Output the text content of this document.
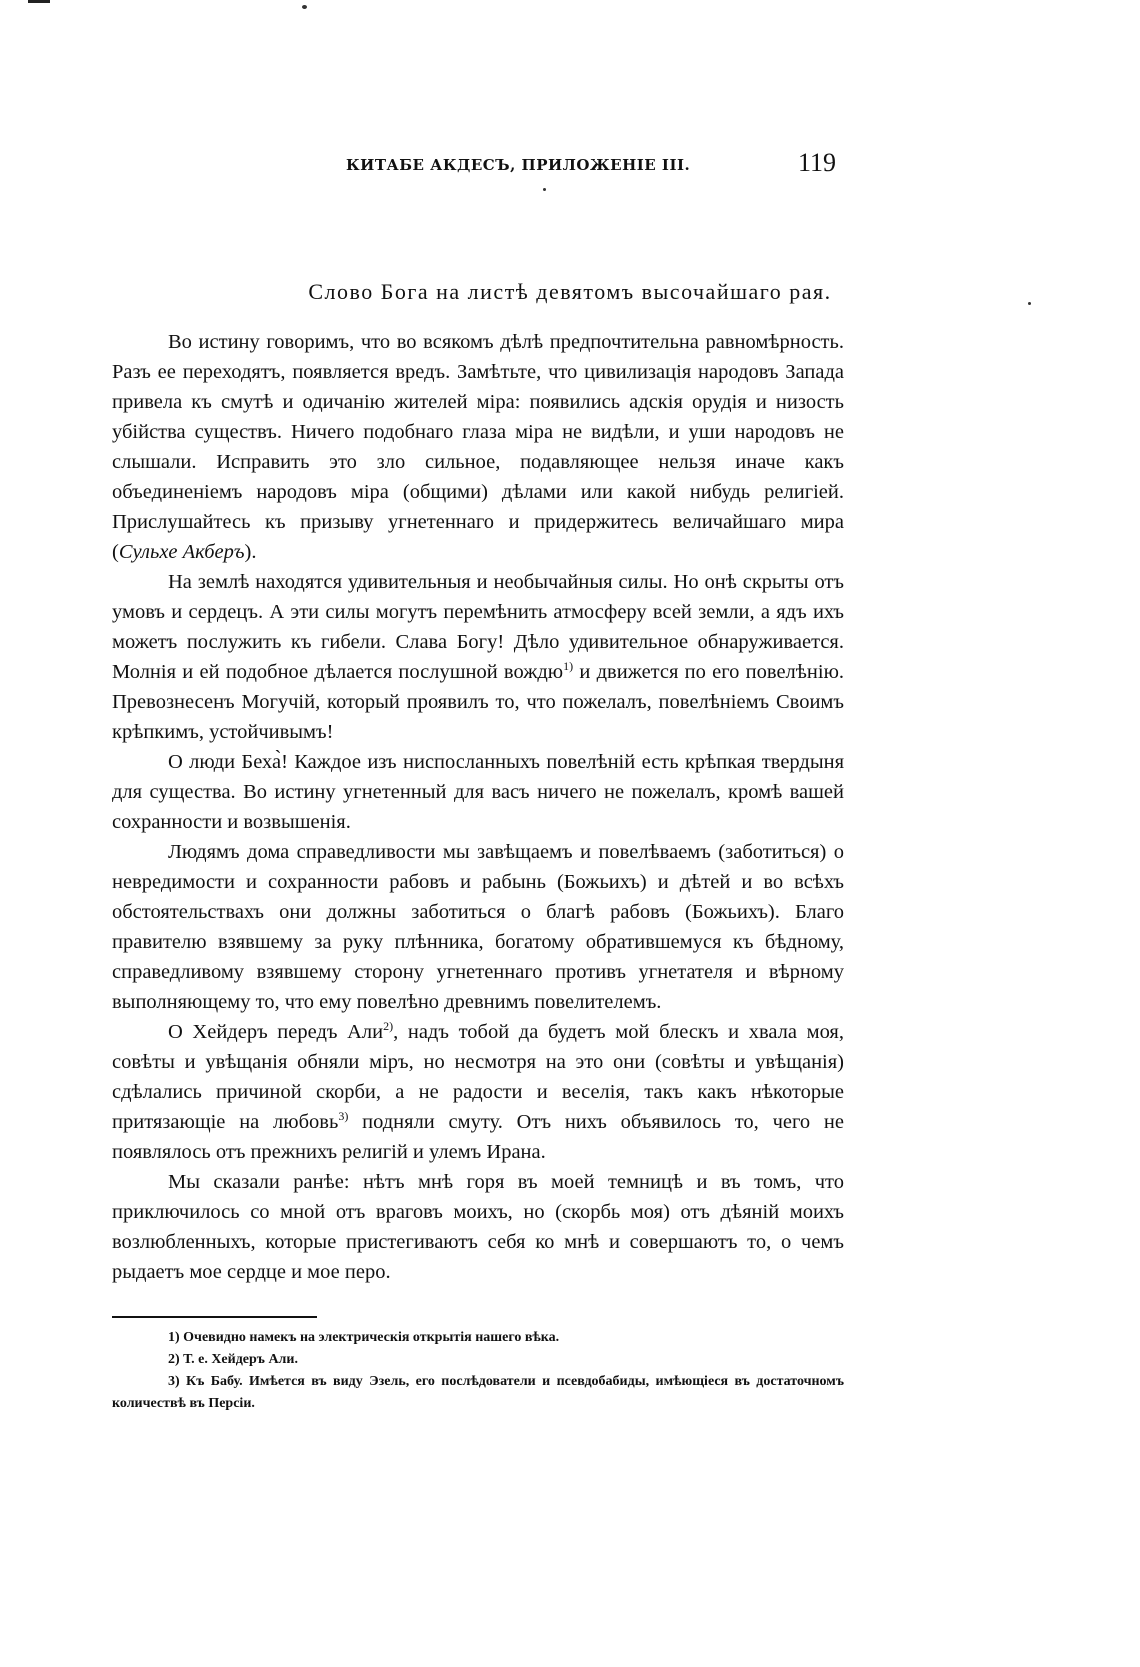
КИТАБЕ АКДЕСЪ, ПРИЛОЖЕНІЕ III.	119
Слово Бога на листѣ девятомъ высочайшаго рая.

Во истину говоримъ, что во всякомъ дѣлѣ предпочтительна равномѣрность. Разъ ее переходятъ, появляется вредъ. Замѣтьте, что цивилизація народовъ Запада привела къ смутѣ и одичанію жителей міра: появились адскія орудія и низость убійства существъ. Ничего подобнаго глаза міра не видѣли, и уши народовъ не слышали. Исправить это зло сильное, подавляющее нельзя иначе какъ объединеніемъ народовъ міра (общими) дѣлами или какой нибудь религіей. Прислушайтесь къ призыву угнетеннаго и придержитесь величайшаго мира (Сульхе Акберъ).

На землѣ находятся удивительныя и необычайныя силы. Но онѣ скрыты отъ умовъ и сердецъ. А эти силы могутъ перемѣнить атмосферу всей земли, а ядъ ихъ можетъ послужить къ гибели. Слава Богу! Дѣло удивительное обнаруживается. Молнія и ей подобное дѣлается послушной вождю$^{1)}$ и движется по его повелѣнію. Превознесенъ Могучій, который проявилъ то, что пожелалъ, повелѣніемъ Своимъ крѣпкимъ, устойчивымъ!

О люди Беха̀! Каждое изъ ниспосланныхъ повелѣній есть крѣпкая твердыня для существа. Во истину угнетенный для васъ ничего не пожелалъ, кромѣ вашей сохранности и возвышенія.

Людямъ дома справедливости мы завѣщаемъ и повелѣваемъ (заботиться) о невредимости и сохранности рабовъ и рабынь (Божьихъ) и дѣтей и во всѣхъ обстоятельствахъ они должны заботиться о благѣ рабовъ (Божьихъ). Благо правителю взявшему за руку плѣнника, богатому обратившемуся къ бѣдному, справедливому взявшему сторону угнетеннаго противъ угнетателя и вѣрному выполняющему то, что ему повелѣно древнимъ повелителемъ.

О Хейдеръ передъ Али$^{2)}$, надъ тобой да будетъ мой блескъ и хвала моя, совѣты и увѣщанія обняли міръ, но несмотря на это они (совѣты и увѣщанія) сдѣлались причиной скорби, а не радости и веселія, такъ какъ нѣкоторые притязающіе на любовь$^{3)}$ подняли смуту. Отъ нихъ объявилось то, чего не появлялось отъ прежнихъ религій и улемъ Ирана.

Мы сказали ранѣе: нѣтъ мнѣ горя въ моей темницѣ и въ томъ, что приключилось со мной отъ враговъ моихъ, но (скорбь моя) отъ дѣяній моихъ возлюбленныхъ, которые пристегиваютъ себя ко мнѣ и совершаютъ то, о чемъ рыдаетъ мое сердце и мое перо.

1) Очевидно намекъ на электрическія открытія нашего вѣка.

2) Т. е. Хейдеръ Али.

3) Къ Бабу. Имѣется въ виду Эзель, его послѣдователи и псевдобабиды, имѣющіеся въ достаточномъ количествѣ въ Персіи.
